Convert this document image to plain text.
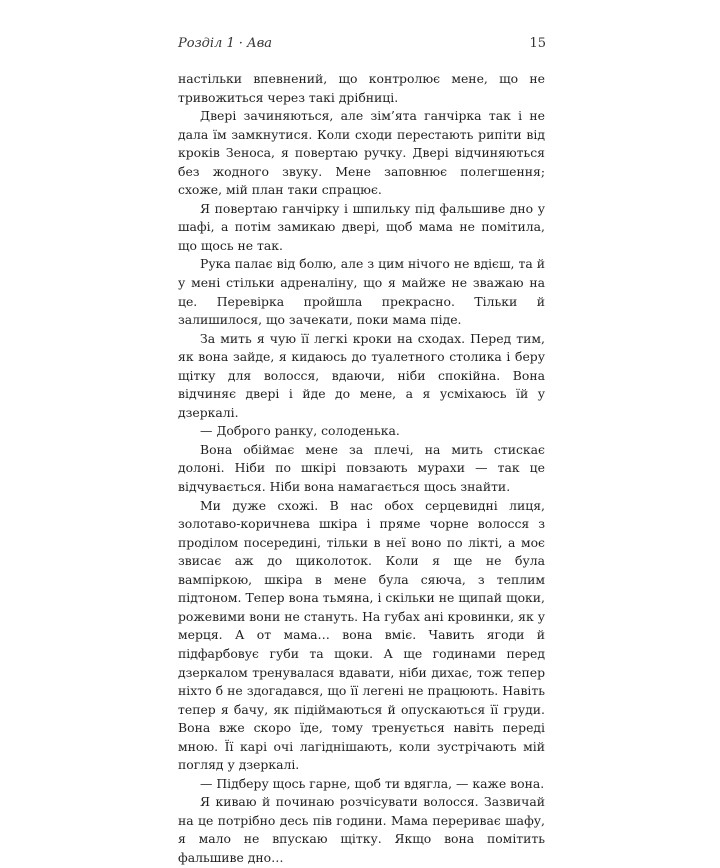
Розділ 1 · Ава	15

настільки впевнений, що контролює мене, що не тривожиться через такі дрібниці.

Двері зачиняються, але зім’ята ганчірка так і не дала їм замкнутися. Коли сходи перестають рипіти від кроків Зеноса, я повертаю ручку. Двері відчиняються без жодного звуку. Мене заповнює полегшення; схоже, мій план таки спрацює.

Я повертаю ганчірку і шпильку під фальшиве дно у шафі, а потім замикаю двері, щоб мама не помітила, що щось не так.

Рука палає від болю, але з цим нічого не вдієш, та й у мені стільки адреналіну, що я майже не зважаю на це. Перевірка пройшла прекрасно. Тільки й залишилося, що зачекати, поки мама піде.

За мить я чую її легкі кроки на сходах. Перед тим, як вона зайде, я кидаюсь до туалетного столика і беру щітку для волосся, вдаючи, ніби спокійна. Вона відчиняє двері і йде до мене, а я усміхаюсь їй у дзеркалі.

— Доброго ранку, солоденька.

Вона обіймає мене за плечі, на мить стискає долоні. Ніби по шкірі повзають мурахи — так це відчувається. Ніби вона намагається щось знайти.

Ми дуже схожі. В нас обох серцевидні лиця, золотаво-коричнева шкіра і пряме чорне волосся з проділом посередині, тільки в неї воно по лікті, а моє звисає аж до щиколоток. Коли я ще не була вампіркою, шкіра в мене була сяюча, з теплим підтоном. Тепер вона тьмяна, і скільки не щипай щоки, рожевими вони не стануть. На губах ані кровинки, як у мерця. А от мама… вона вміє. Чавить ягоди й підфарбовує губи та щоки. А ще годинами перед дзеркалом тренувалася вдавати, ніби дихає, тож тепер ніхто б не здогадався, що її легені не працюють. Навіть тепер я бачу, як підіймаються й опускаються її груди. Вона вже скоро їде, тому тренується навіть переді мною. Її карі очі лагіднішають, коли зустрічають мій погляд у дзеркалі.

— Підберу щось гарне, щоб ти вдягла, — каже вона.

Я киваю й починаю розчісувати волосся. Зазвичай на це потрібно десь пів години. Мама перериває шафу, я мало не впускаю щітку. Якщо вона помітить фальшиве дно…
